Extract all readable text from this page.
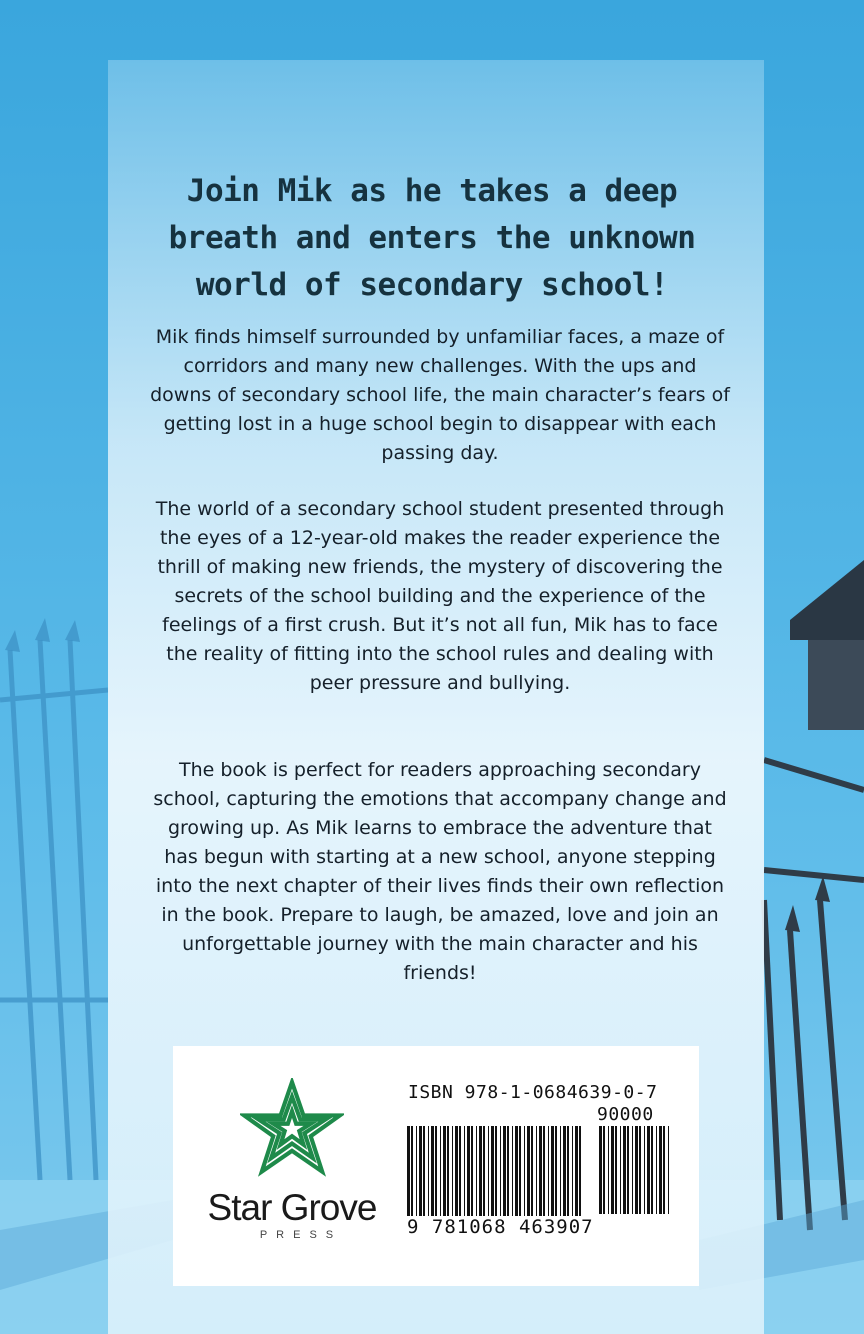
Join Mik as he takes a deep breath and enters the unknown world of secondary school!

Mik finds himself surrounded by unfamiliar faces, a maze of corridors and many new challenges. With the ups and downs of secondary school life, the main character’s fears of getting lost in a huge school begin to disappear with each passing day.

The world of a secondary school student presented through the eyes of a 12-year-old makes the reader experience the thrill of making new friends, the mystery of discovering the secrets of the school building and the experience of the feelings of a first crush. But it’s not all fun, Mik has to face the reality of fitting into the school rules and dealing with peer pressure and bullying.

The book is perfect for readers approaching secondary school, capturing the emotions that accompany change and growing up. As Mik learns to embrace the adventure that has begun with starting at a new school, anyone stepping into the next chapter of their lives finds their own reflection in the book. Prepare to laugh, be amazed, love and join an unforgettable journey with the main character and his friends!

Star Grove
PRESS
ISBN 978-1-0684639-0-7
90000
9 781068 463907
